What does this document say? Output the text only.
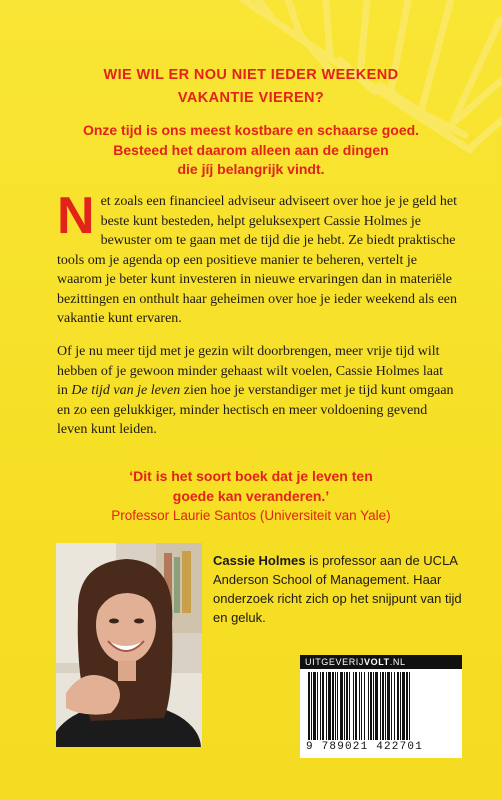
WIE WIL ER NOU NIET IEDER WEEKEND
VAKANTIE VIEREN?
Onze tijd is ons meest kostbare en schaarse goed.
Besteed het daarom alleen aan de dingen
die jíj belangrijk vindt.

Net zoals een financieel adviseur adviseert over hoe je je geld het beste kunt besteden, helpt geluksexpert Cassie Holmes je bewuster om te gaan met de tijd die je hebt. Ze biedt praktische tools om je agenda op een positieve manier te beheren, vertelt je waarom je beter kunt investeren in nieuwe ervaringen dan in materiële bezittingen en onthult haar geheimen over hoe je ieder weekend als een vakantie kunt ervaren.

Of je nu meer tijd met je gezin wilt doorbrengen, meer vrije tijd wilt hebben of je gewoon minder gehaast wilt voelen, Cassie Holmes laat in De tijd van je leven zien hoe je verstandiger met je tijd kunt omgaan en zo een gelukkiger, minder hectisch en meer voldoening gevend leven kunt leiden.

‘Dit is het soort boek dat je leven ten
goede kan veranderen.’
Professor Laurie Santos (Universiteit van Yale)
Cassie Holmes is professor aan de UCLA Anderson School of Management. Haar onderzoek richt zich op het snijpunt van tijd en geluk.
UITGEVERIJVOLT.NL
9 789021 422701
